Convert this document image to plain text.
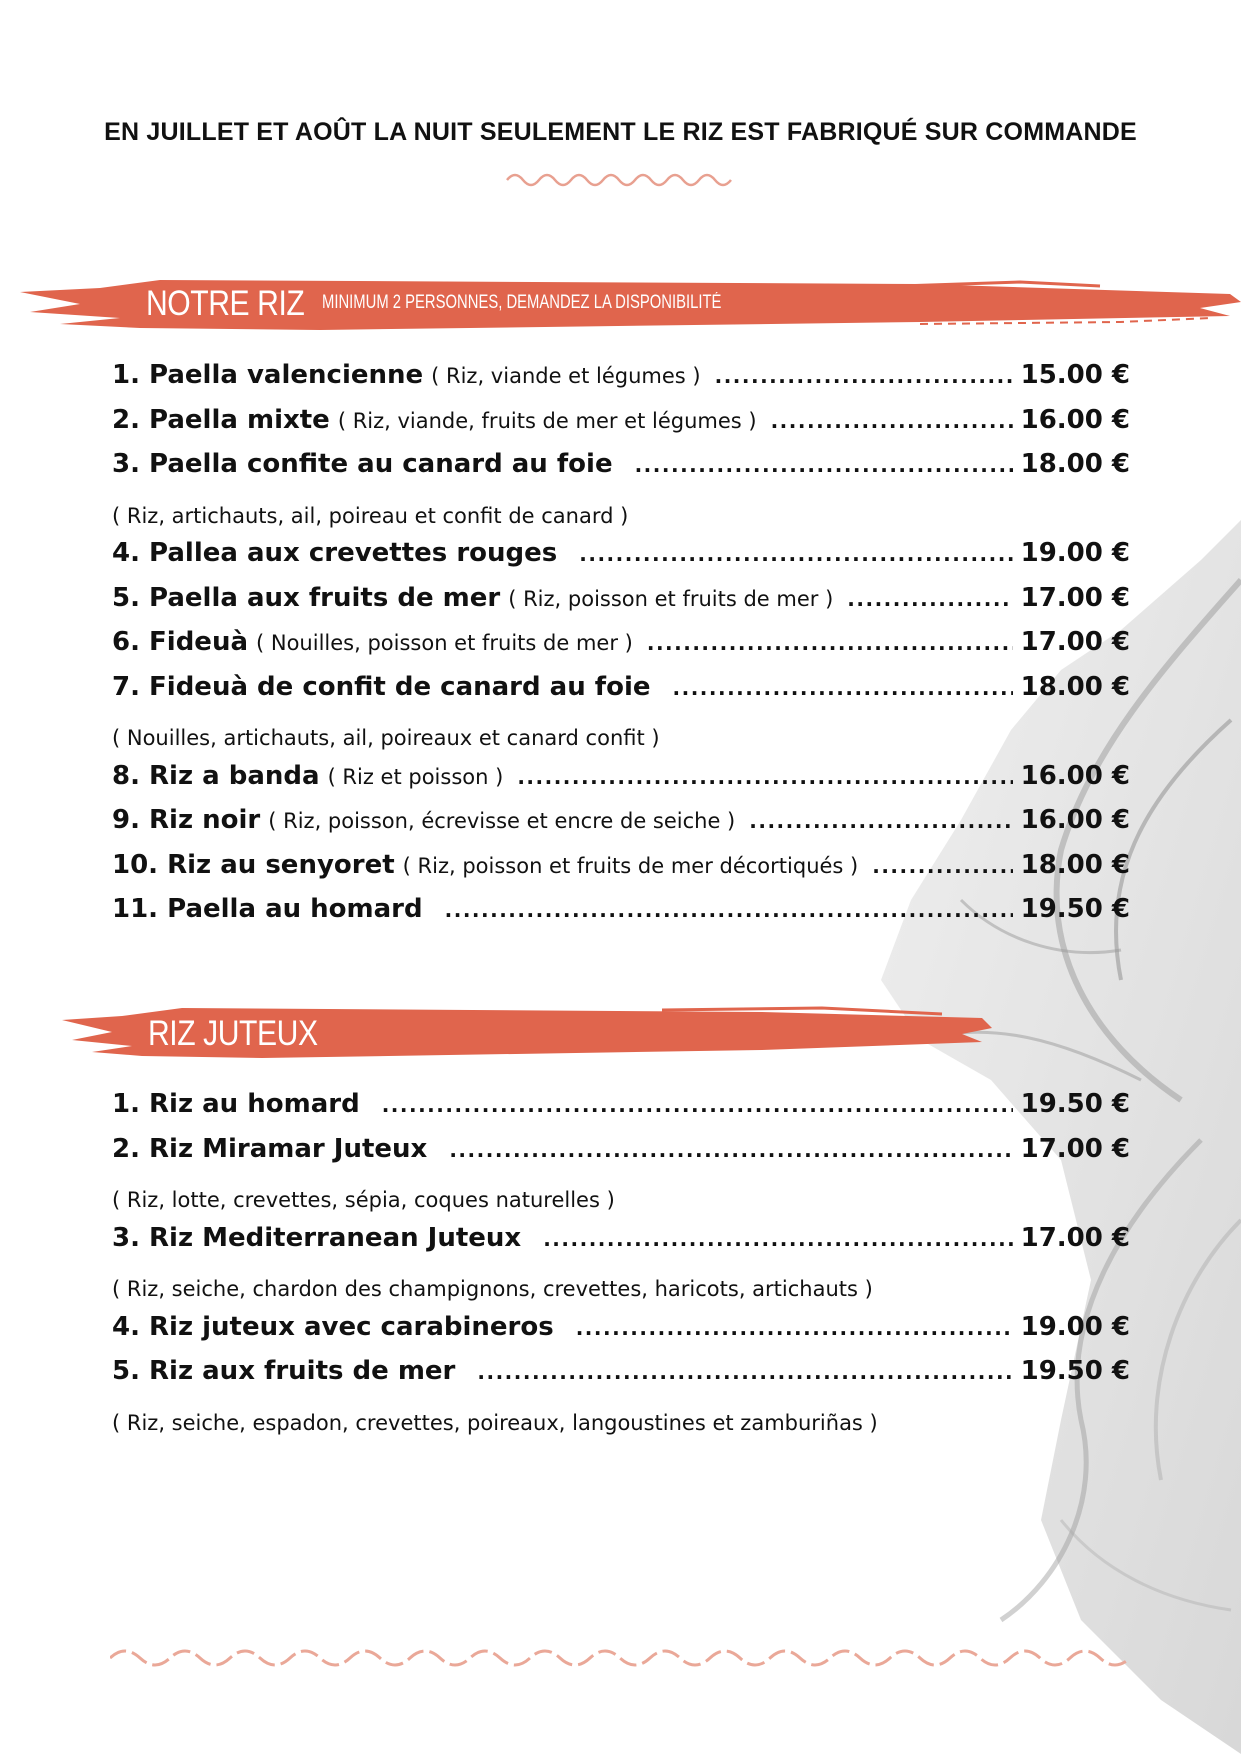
EN JUILLET ET AOÛT LA NUIT SEULEMENT LE RIZ EST FABRIQUÉ SUR COMMANDE
NOTRE RIZ MINIMUM 2 PERSONNES, DEMANDEZ LA DISPONIBILITÉ
1. Paella valencienne ( Riz, viande et légumes ) .....	15.00 €
2. Paella mixte ( Riz, viande, fruits de mer et légumes ) .....	16.00 €
3. Paella confite au canard au foie .....	18.00 €
( Riz, artichauts, ail, poireau et confit de canard )
4. Pallea aux crevettes rouges .....	19.00 €
5. Paella aux fruits de mer ( Riz, poisson et fruits de mer ) .....	17.00 €
6. Fideuà ( Nouilles, poisson et fruits de mer ) .....	17.00 €
7. Fideuà de confit de canard au foie .....	18.00 €
( Nouilles, artichauts, ail, poireaux et canard confit )
8. Riz a banda ( Riz et poisson ) .....	16.00 €
9. Riz noir ( Riz, poisson, écrevisse et encre de seiche ) .....	16.00 €
10. Riz au senyoret ( Riz, poisson et fruits de mer décortiqués ) .....	18.00 €
11. Paella au homard .....	19.50 €
RIZ JUTEUX
1. Riz au homard .....	19.50 €
2. Riz Miramar Juteux .....	17.00 €
( Riz, lotte, crevettes, sépia, coques naturelles )
3. Riz Mediterranean Juteux .....	17.00 €
( Riz, seiche, chardon des champignons, crevettes, haricots, artichauts )
4. Riz juteux avec carabineros .....	19.00 €
5. Riz aux fruits de mer .....	19.50 €
( Riz, seiche, espadon, crevettes, poireaux, langoustines et zamburiñas )
